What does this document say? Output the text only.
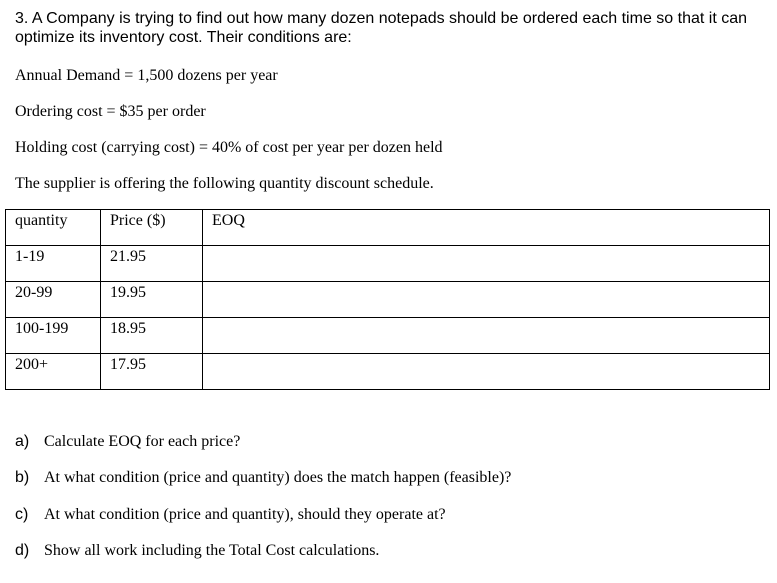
3. A Company is trying to find out how many dozen notepads should be ordered each time so that it can
optimize its inventory cost. Their conditions are:
Annual Demand = 1,500 dozens per year
Ordering cost = $35 per order
Holding cost (carrying cost) = 40% of cost per year per dozen held
The supplier is offering the following quantity discount schedule.
quantity	Price ($)	EOQ
1-19	21.95	
20-99	19.95	
100-199	18.95	
200+	17.95	
a) Calculate EOQ for each price?
b) At what condition (price and quantity) does the match happen (feasible)?
c) At what condition (price and quantity), should they operate at?
d) Show all work including the Total Cost calculations.
